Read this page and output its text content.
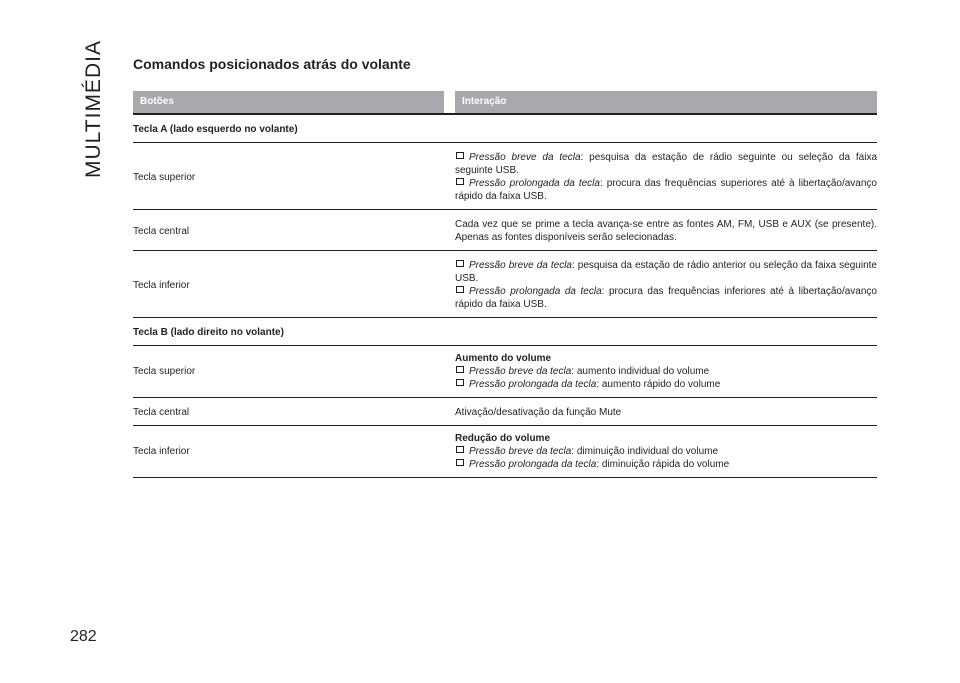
MULTIMÉDIA
282
Comandos posicionados atrás do volante
Botões	Interação
Tecla A (lado esquerdo no volante)
Tecla superior
Pressão breve da tecla: pesquisa da estação de rádio seguinte ou seleção da faixa seguinte USB.
Pressão prolongada da tecla: procura das frequências superiores até à libertação/avanço rápido da faixa USB.
Tecla central
Cada vez que se prime a tecla avança-se entre as fontes AM, FM, USB e AUX (se presente). Apenas as fontes disponíveis serão selecionadas.
Tecla inferior
Pressão breve da tecla: pesquisa da estação de rádio anterior ou seleção da faixa seguinte USB.
Pressão prolongada da tecla: procura das frequências inferiores até à libertação/avanço rápido da faixa USB.
Tecla B (lado direito no volante)
Tecla superior
Aumento do volume
Pressão breve da tecla: aumento individual do volume
Pressão prolongada da tecla: aumento rápido do volume
Tecla central	Ativação/desativação da função Mute
Tecla inferior
Redução do volume
Pressão breve da tecla: diminuição individual do volume
Pressão prolongada da tecla: diminuição rápida do volume
